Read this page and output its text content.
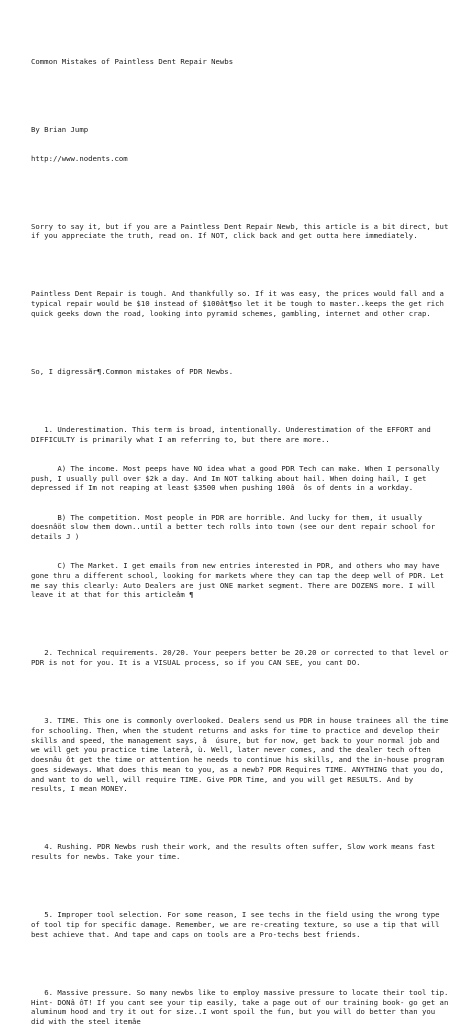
Common Mistakes of Paintless Dent Repair Newbs

By Brian Jump

http://www.nodents.com

Sorry to say it, but if you are a Paintless Dent Repair Newb, this article is a bit direct, but if you appreciate the truth, read on. If NOT, click back and get outta here immediately.

Paintless Dent Repair is tough. And thankfully so. If it was easy, the prices would fall and a typical repair would be $10 instead of $100ât¶so let it be tough to master..keeps the get rich quick geeks down the road, looking into pyramid schemes, gambling, internet and other crap.

So, I digressãr¶.Common mistakes of PDR Newbs.

1. Underestimation. This term is broad, intentionally. Underestimation of the EFFORT and DIFFICULTY is primarily what I am referring to, but there are more..

A) The income. Most peeps have NO idea what a good PDR Tech can make. When I personally push, I usually pull over $2k a day. And Im NOT talking about hail. When doing hail, I get depressed if Im not reaping at least $3500 when pushing 100â  ôs of dents in a workday.

B) The competition. Most people in PDR are horrible. And lucky for them, it usually doesnâöt slow them down..until a better tech rolls into town (see our dent repair school for details J )

C) The Market. I get emails from new entries interested in PDR, and others who may have gone thru a different school, looking for markets where they can tap the deep well of PDR. Let me say this clearly: Auto Dealers are just ONE market segment. There are DOZENS more. I will leave it at that for this articleâm ¶

2. Technical requirements. 20/20. Your peepers better be 20.20 or corrected to that level or PDR is not for you. It is a VISUAL process, so if you CAN SEE, you cant DO.

3. TIME. This one is commonly overlooked. Dealers send us PDR in house trainees all the time for schooling. Then, when the student returns and asks for time to practice and develop their skills and speed, the management says, â  úsure, but for now, get back to your normal job and we will get you practice time laterâ, ù. Well, later never comes, and the dealer tech often doesnâu ôt get the time or attention he needs to continue his skills, and the in-house program goes sideways. What does this mean to you, as a newb? PDR Requires TIME. ANYTHING that you do, and want to do well, will require TIME. Give PDR Time, and you will get RESULTS. And by results, I mean MONEY.

4. Rushing. PDR Newbs rush their work, and the results often suffer, Slow work means fast results for newbs. Take your time.

5. Improper tool selection. For some reason, I see techs in the field using the wrong type of tool tip for specific damage. Remember, we are re-creating texture, so use a tip that will best achieve that. And tape and caps on tools are a Pro-techs best friends.

6. Massive pressure. So many newbs like to employ massive pressure to locate their tool tip. Hint- DONâ ôT! If you cant see your tip easily, take a page out of our training book- go get an aluminum hood and try it out for size..I wont spoil the fun, but you will do better than you did with the steel itemâe
